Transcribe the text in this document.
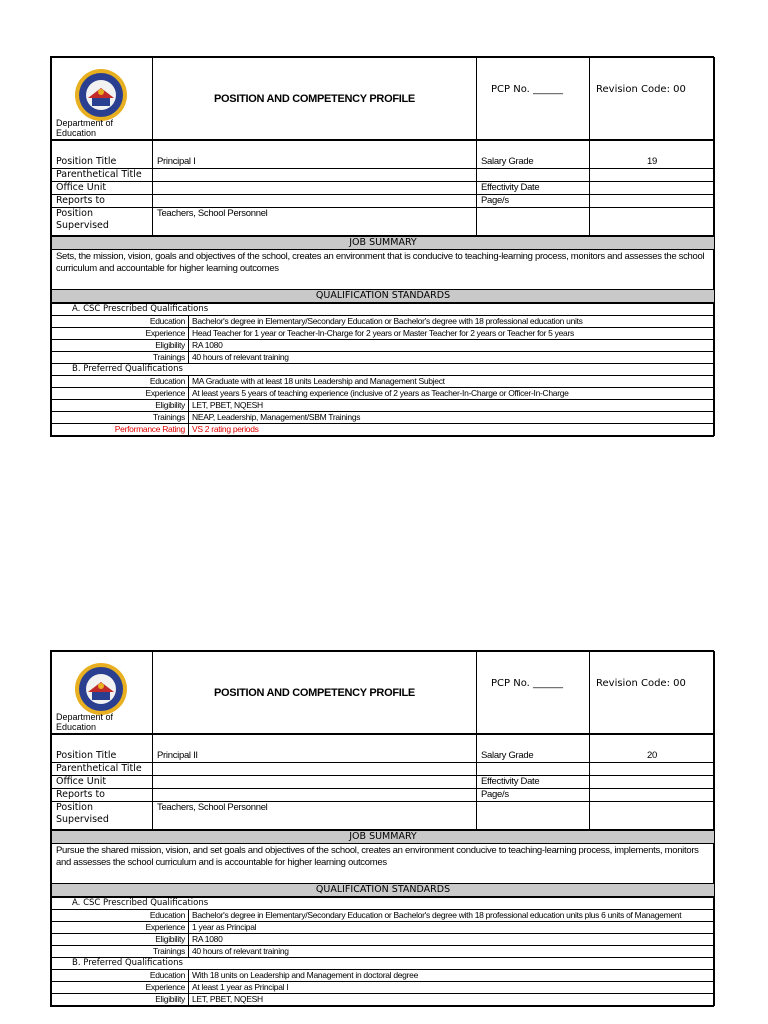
Department of Education
	POSITION AND COMPETENCY PROFILE	PCP No. ______	Revision Code: 00
Position Title	Principal I	Salary Grade	19
Parenthetical Title			
Office Unit		Effectivity Date	
Reports to		Page/s	

Position
Supervised	Teachers, School Personnel		
JOB SUMMARY
Sets, the mission, vision, goals and objectives of the school, creates an environment that is conducive to teaching-learning process, monitors and assesses the school curriculum and accountable for higher learning outcomes
QUALIFICATION STANDARDS
A. CSC Prescribed Qualifications	
Education	Bachelor's degree in Elementary/Secondary Education or Bachelor's degree with 18 professional education units
Experience	Head Teacher for 1 year or Teacher-In-Charge for 2 years or Master Teacher for 2 years or Teacher for 5 years
Eligibility	RA 1080
Trainings	40 hours of relevant training
B. Preferred Qualifications	
Education	MA Graduate with at least 18 units Leadership and Management Subject
Experience	At least years 5 years of teaching experience (inclusive of 2 years as Teacher-In-Charge or Officer-In-Charge
Eligibility	LET, PBET, NQESH
Trainings	NEAP, Leadership, Management/SBM Trainings
Performance Rating	VS 2 rating periods
Department of Education
	POSITION AND COMPETENCY PROFILE	PCP No. ______	Revision Code: 00
Position Title	Principal II	Salary Grade	20
Parenthetical Title			
Office Unit		Effectivity Date	
Reports to		Page/s	

Position
Supervised	Teachers, School Personnel		
JOB SUMMARY
Pursue the shared mission, vision, and set goals and objectives of the school, creates an environment conducive to teaching-learning process, implements, monitors and assesses the school curriculum and is accountable for higher learning outcomes
QUALIFICATION STANDARDS
A. CSC Prescribed Qualifications	
Education	Bachelor's degree in Elementary/Secondary Education or Bachelor's degree with 18 professional education units plus 6 units of Management
Experience	1 year as Principal
Eligibility	RA 1080
Trainings	40 hours of relevant training
B. Preferred Qualifications	
Education	With 18 units on Leadership and Management in doctoral degree
Experience	At least 1 year as Principal I
Eligibility	LET, PBET, NQESH
